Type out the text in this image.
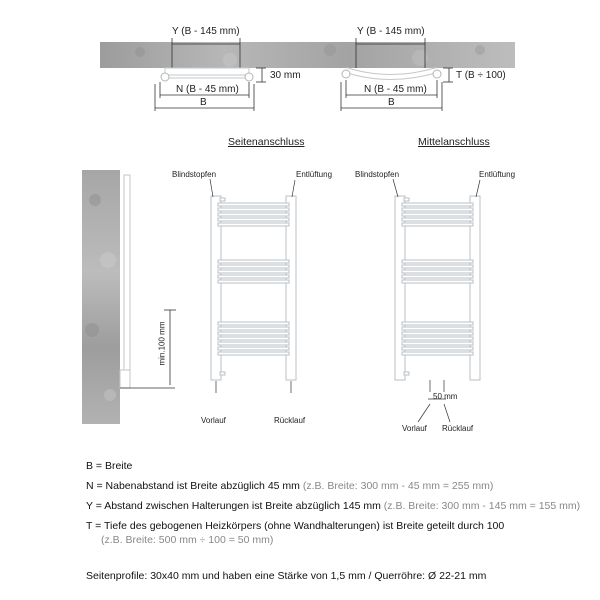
Y (B - 145 mm)
N (B - 45 mm)
B
30 mm
Y (B - 145 mm)
N (B - 45 mm)
B
T (B ÷ 100)
Seitenanschluss	Mittelanschluss
Blindstopfen	Entlüftung
Vorlauf	Rücklauf
min.100 mm
Blindstopfen	Entlüftung
50 mm
Vorlauf Rücklauf
B = Breite
N = Nabenabstand ist Breite abzüglich 45 mm (z.B. Breite: 300 mm - 45 mm = 255 mm)
Y = Abstand zwischen Halterungen ist Breite abzüglich 145 mm (z.B. Breite: 300 mm - 145 mm = 155 mm)
T = Tiefe des gebogenen Heizkörpers (ohne Wandhalterungen) ist Breite geteilt durch 100
(z.B. Breite: 500 mm ÷ 100 = 50 mm)
Seitenprofile: 30x40 mm und haben eine Stärke von 1,5 mm / Querröhre: Ø 22-21 mm
